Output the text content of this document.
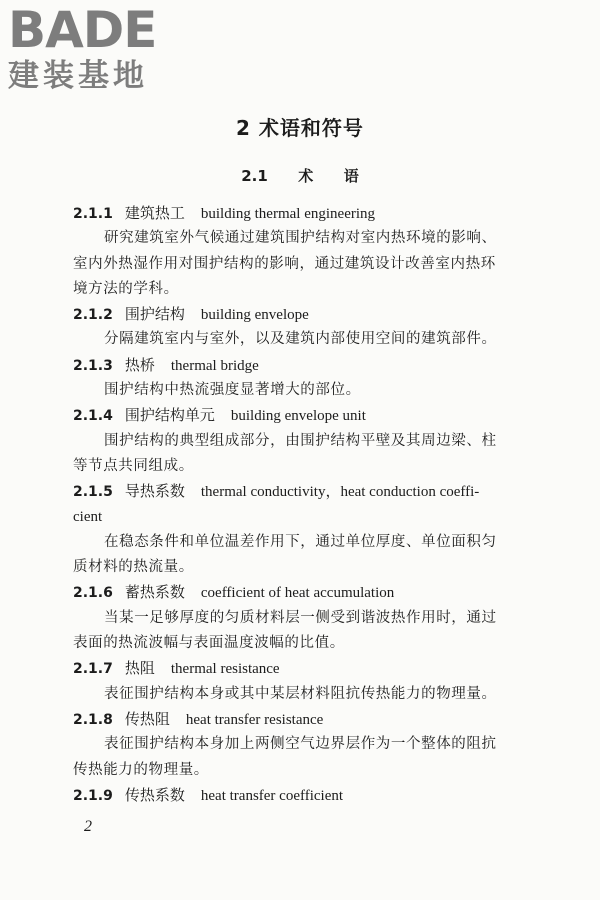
BADE
建装基地
2 术语和符号
2.1 术 语
2.1.1 建筑热工 building thermal engineering
研究建筑室外气候通过建筑围护结构对室内热环境的影响、
室内外热湿作用对围护结构的影响，通过建筑设计改善室内热环
境方法的学科。
2.1.2 围护结构 building envelope
分隔建筑室内与室外，以及建筑内部使用空间的建筑部件。
2.1.3 热桥 thermal bridge
围护结构中热流强度显著增大的部位。
2.1.4 围护结构单元 building envelope unit
围护结构的典型组成部分，由围护结构平壁及其周边梁、柱
等节点共同组成。
2.1.5 导热系数 thermal conductivity，heat conduction coeffi-
cient
在稳态条件和单位温差作用下，通过单位厚度、单位面积匀
质材料的热流量。
2.1.6 蓄热系数 coefficient of heat accumulation
当某一足够厚度的匀质材料层一侧受到谐波热作用时，通过
表面的热流波幅与表面温度波幅的比值。
2.1.7 热阻 thermal resistance
表征围护结构本身或其中某层材料阻抗传热能力的物理量。
2.1.8 传热阻 heat transfer resistance
表征围护结构本身加上两侧空气边界层作为一个整体的阻抗
传热能力的物理量。
2.1.9 传热系数 heat transfer coefficient
2
